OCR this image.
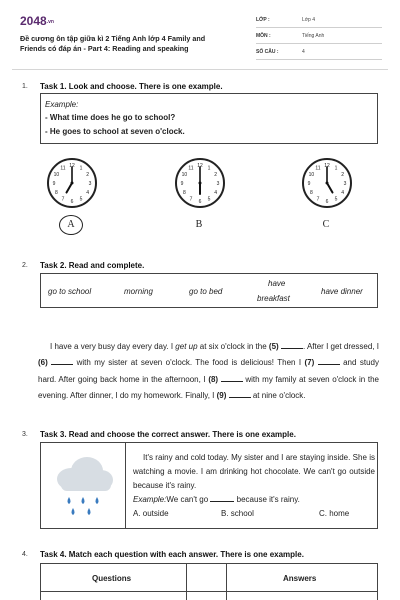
2048.vn
Đề cương ôn tập giữa kì 2 Tiếng Anh lớp 4 Family and Friends có đáp án - Part 4: Reading and speaking
LỚP :	Lớp 4
MÔN :	Tiếng Anh
SỐ CÂU :	4
1. Task 1. Look and choose. There is one example.
Example:
- What time does he go to school?
- He goes to school at seven o'clock.
1
2
3
4
5
6
7
8
9
10
11 12	1
2
3
4
5
6
7
8
9
10
11 12	1
2
3
4
5
6
7
8
9
10
11 12
A	B	C
2. Task 2. Read and complete.
go to school	morning	go to bed
have
breakfast
have dinner

I have a very busy day every day. I get up at six o'clock in the (5)	. After I get dressed, I (6)	with my sister at seven o'clock. The food is delicious! Then I (7)	and study hard. After going back home in the afternoon, I (8)	with my family at seven o'clock in the evening. After dinner, I do my homework. Finally, I (9)	at nine o'clock.

3. Task 3. Read and choose the correct answer. There is one example.
It's rainy and cold today. My sister and I are staying inside. She is watching a movie. I am drinking hot chocolate. We can't go outside because it's rainy.
Example:We can't go	because it's rainy.
A. outside	B. school	C. home
4. Task 4. Match each question with each answer. There is one example.
Questions	Answers
